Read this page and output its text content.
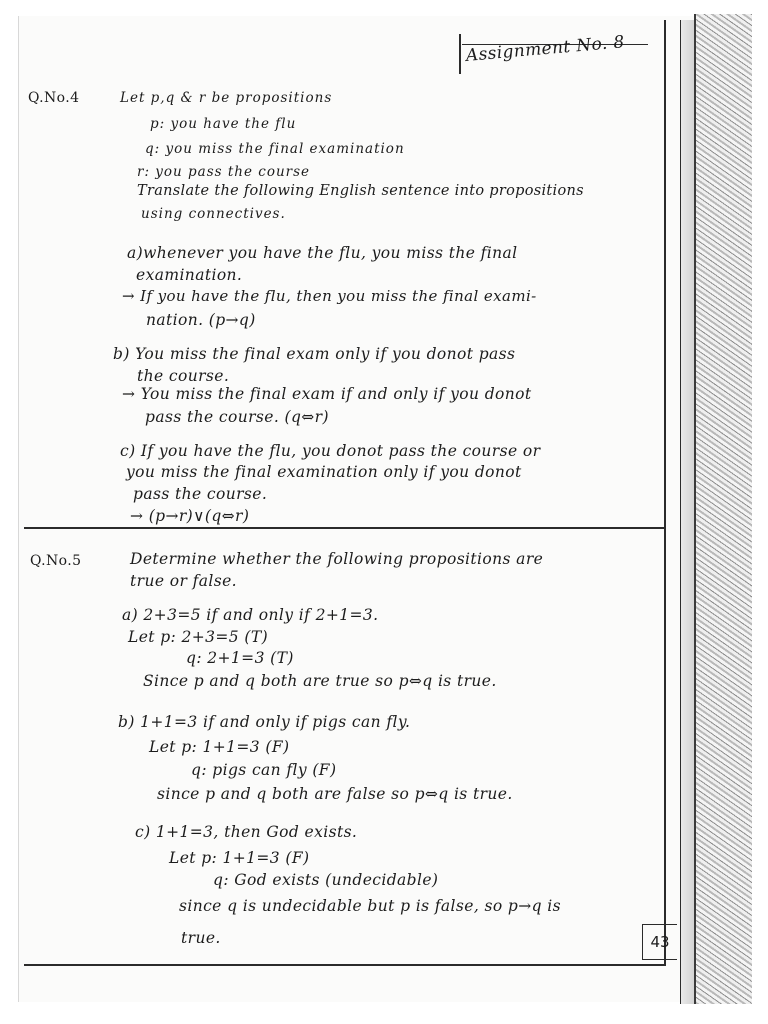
Assignment No. 8

Q.No.4	Let p,q & r be propositions

p: you have the flu

q: you miss the final examination

r: you pass the course

Translate the following English sentence into propositions

using connectives.

a)whenever you have the flu, you miss the final

examination.

→ If you have the flu, then you miss the final exami-

nation. (p→q)

b) You miss the final exam only if you donot pass

the course.

→ You miss the final exam if and only if you donot

pass the course. (q⇔r)

c) If you have the flu, you donot pass the course or

you miss the final examination only if you donot

pass the course.

→ (p→r)∨(q⇔r)

Q.No.5	Determine whether the following propositions are

true or false.

a) 2+3=5 if and only if 2+1=3.

Let p: 2+3=5 (T)

q: 2+1=3 (T)

Since p and q both are true so p⇔q is true.

b) 1+1=3 if and only if pigs can fly.

Let p: 1+1=3 (F)

q: pigs can fly (F)

since p and q both are false so p⇔q is true.

c) 1+1=3, then God exists.

Let p: 1+1=3 (F)

q: God exists (undecidable)

since q is undecidable but p is false, so p→q is

true.	43
